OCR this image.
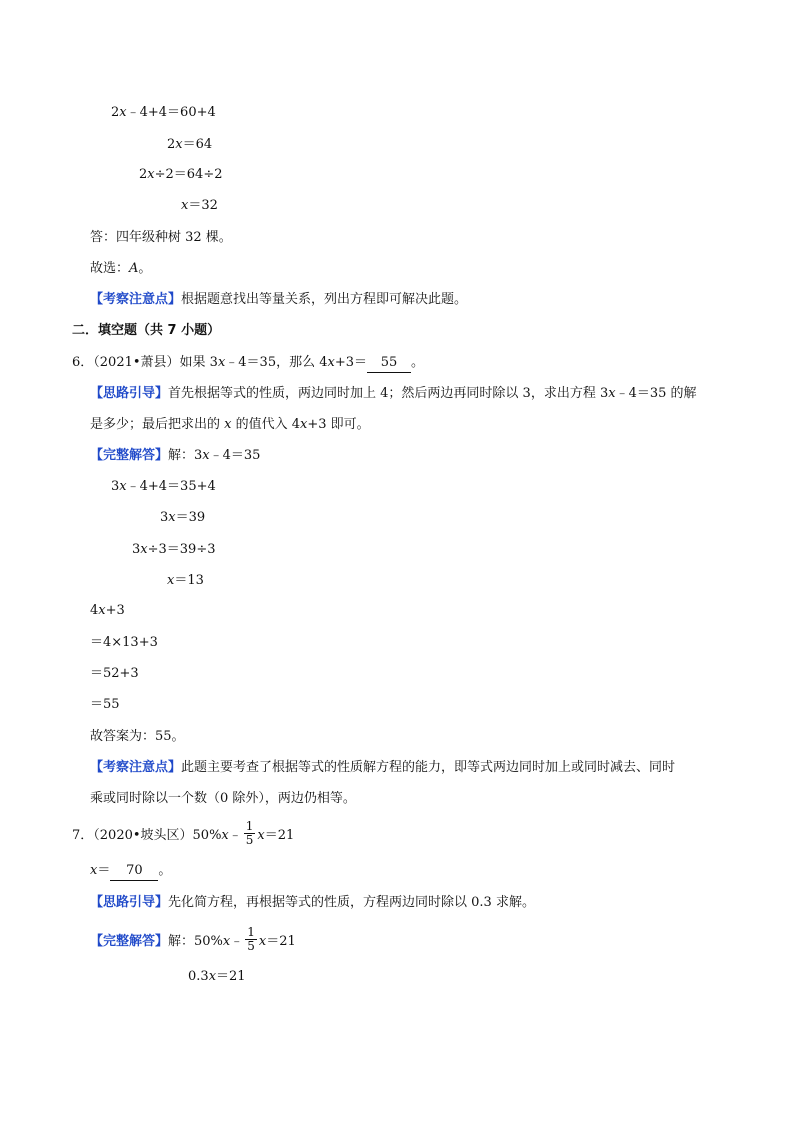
2x﹣4+4＝60+4
2x＝64
2x÷2＝64÷2
x＝32
答：四年级种树 32 棵。
故选：A。
【考察注意点】根据题意找出等量关系，列出方程即可解决此题。
二．填空题（共 7 小题）
6．（2021•萧县）如果 3x﹣4＝35，那么 4x+3＝ 55 。
【思路引导】首先根据等式的性质，两边同时加上 4；然后两边再同时除以 3，求出方程 3x﹣4＝35 的解
是多少；最后把求出的 x 的值代入 4x+3 即可。
【完整解答】解：3x﹣4＝35
3x﹣4+4＝35+4
3x＝39
3x÷3＝39÷3
x＝13
4x+3
＝4×13+3
＝52+3
＝55
故答案为：55。
【考察注意点】此题主要考查了根据等式的性质解方程的能力，即等式两边同时加上或同时减去、同时
乘或同时除以一个数（0 除外），两边仍相等。
7．（2020•坡头区）50%x﹣ $\frac{1}{5} x=21$
x＝ 70 。
【思路引导】先化简方程，再根据等式的性质，方程两边同时除以 0.3 求解。
【完整解答】解：50%x﹣ $\frac{1}{5} x=21$
0.3x＝21
